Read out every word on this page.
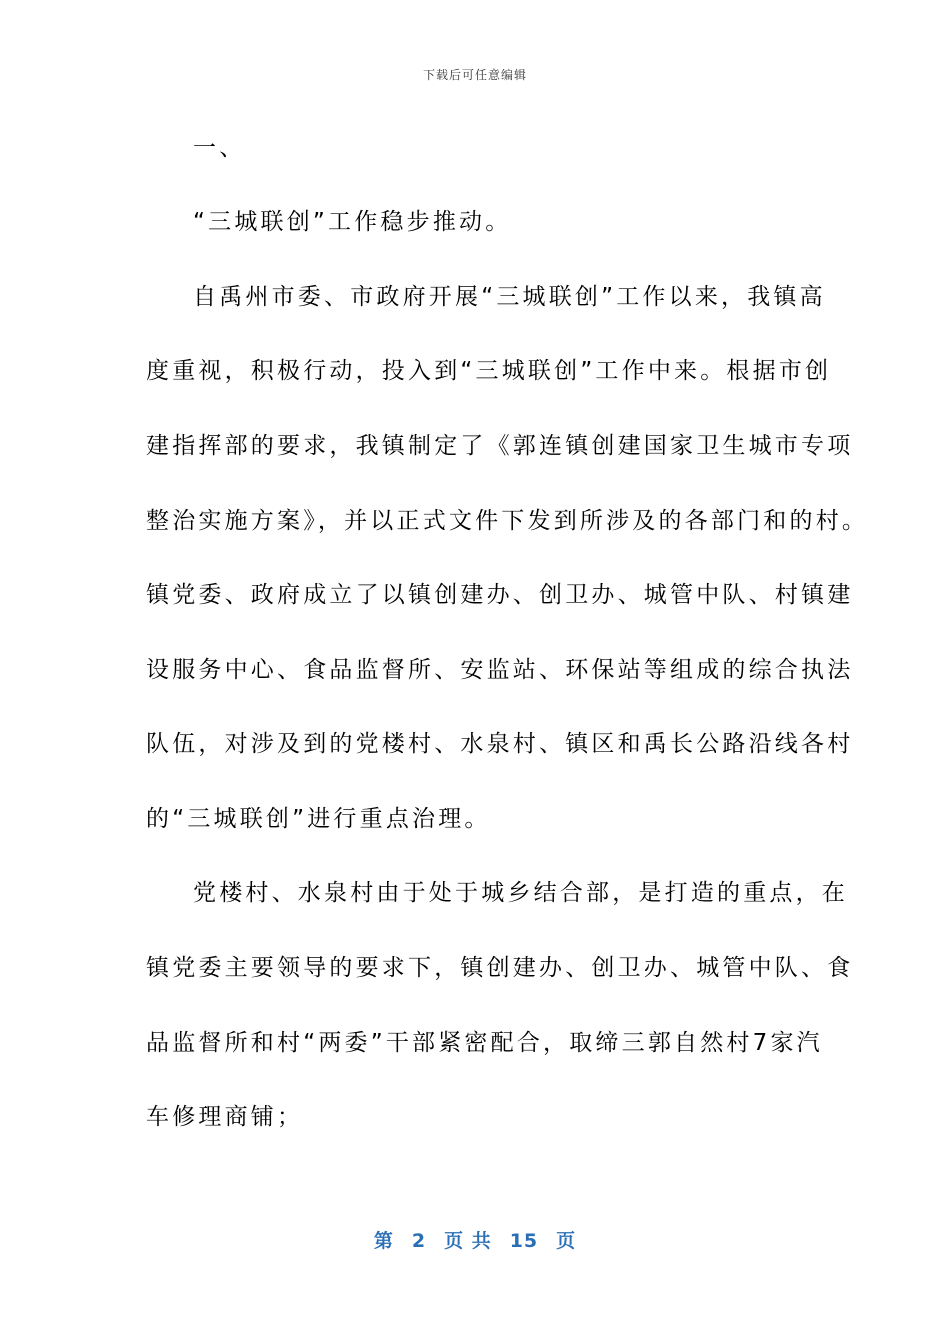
下载后可任意编辑
一、
“三城联创”工作稳步推动。
自禹州市委、市政府开展“三城联创”工作以来，我镇高
度重视，积极行动，投入到“三城联创”工作中来。根据市创
建指挥部的要求，我镇制定了《郭连镇创建国家卫生城市专项
整治实施方案》，并以正式文件下发到所涉及的各部门和的村。
镇党委、政府成立了以镇创建办、创卫办、城管中队、村镇建
设服务中心、食品监督所、安监站、环保站等组成的综合执法
队伍，对涉及到的党楼村、水泉村、镇区和禹长公路沿线各村
的“三城联创”进行重点治理。
党楼村、水泉村由于处于城乡结合部，是打造的重点，在
镇党委主要领导的要求下，镇创建办、创卫办、城管中队、食
品监督所和村“两委”干部紧密配合，取缔三郭自然村7家汽
车修理商铺；
第 2 页 共 15 页
